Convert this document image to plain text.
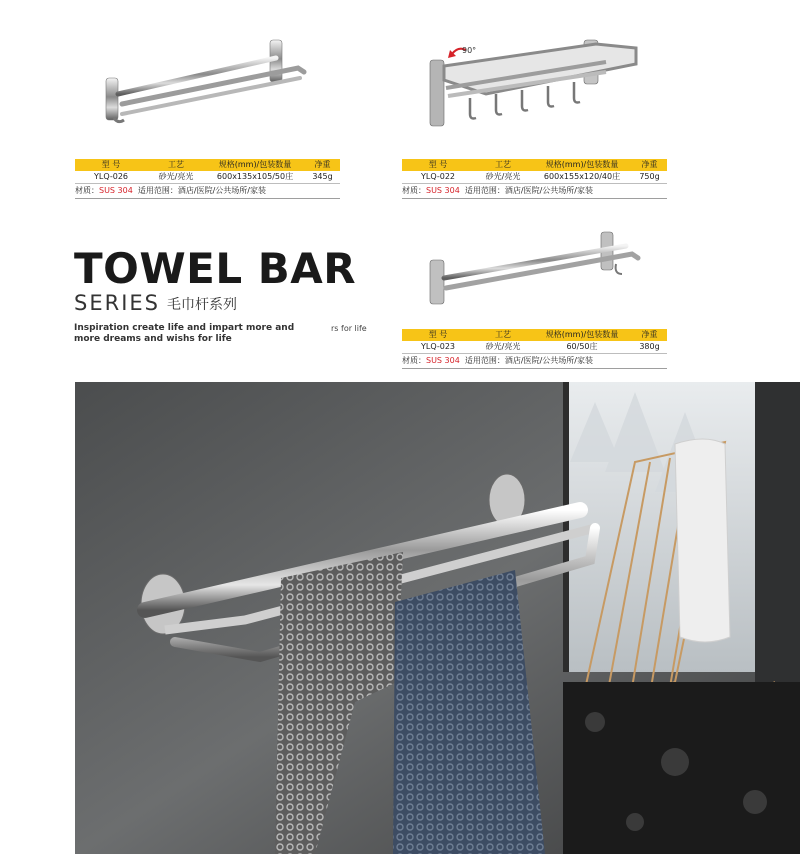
90°
型 号	工艺	规格(mm)/包装数量	净重
YLQ-026	砂光/亮光	600x135x105/50庄	345g
材质：SUS 304 适用范围：酒店/医院/公共场所/家装
型 号	工艺	规格(mm)/包装数量	净重
YLQ-022	砂光/亮光	600x155x120/40庄	750g
材质：SUS 304 适用范围：酒店/医院/公共场所/家装
型 号	工艺	规格(mm)/包装数量	净重
YLQ-023	砂光/亮光	60/50庄	380g
材质：SUS 304 适用范围：酒店/医院/公共场所/家装
TOWEL BAR
SERIES 毛巾杆系列
Inspiration create life and impart more and more dreams and wishs for life
rs for life
